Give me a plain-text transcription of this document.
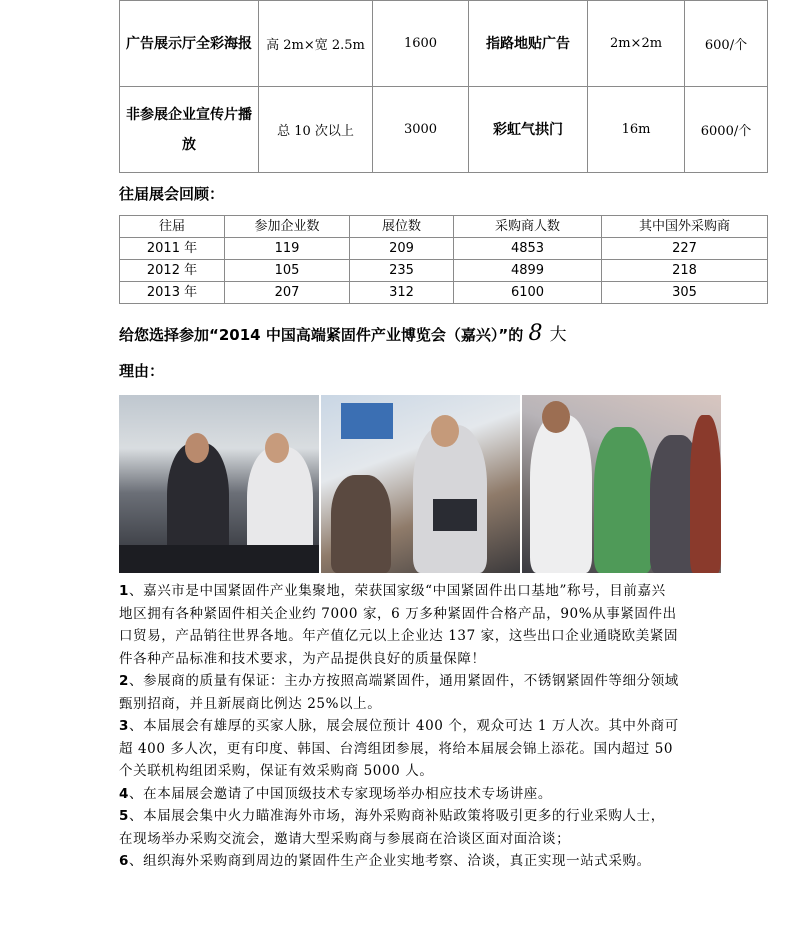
广告展示厅全彩海报	高 2m×宽 2.5m	1600	指路地贴广告	2m×2m	600/个
非参展企业宣传片播放	总 10 次以上	3000	彩虹气拱门	16m	6000/个
往届展会回顾：
往届	参加企业数	展位数	采购商人数	其中国外采购商
2011 年	119	209	4853	227
2012 年	105	235	4899	218
2013 年	207	312	6100	305
给您选择参加“2014 中国高端紧固件产业博览会（嘉兴）”的 8 大
理由：

1、嘉兴市是中国紧固件产业集聚地，荣获国家级“中国紧固件出口基地”称号，目前嘉兴地区拥有各种紧固件相关企业约 7000 家，6 万多种紧固件合格产品，90%从事紧固件出口贸易，产品销往世界各地。年产值亿元以上企业达 137 家，这些出口企业通晓欧美紧固件各种产品标准和技术要求，为产品提供良好的质量保障！

2、参展商的质量有保证：主办方按照高端紧固件，通用紧固件，不锈钢紧固件等细分领域甄别招商，并且新展商比例达 25%以上。

3、本届展会有雄厚的买家人脉，展会展位预计 400 个，观众可达 1 万人次。其中外商可超 400 多人次，更有印度、韩国、台湾组团参展，将给本届展会锦上添花。国内超过 50 个关联机构组团采购，保证有效采购商 5000 人。

4、在本届展会邀请了中国顶级技术专家现场举办相应技术专场讲座。

5、本届展会集中火力瞄准海外市场，海外采购商补贴政策将吸引更多的行业采购人士， 在现场举办采购交流会，邀请大型采购商与参展商在洽谈区面对面洽谈；

6、组织海外采购商到周边的紧固件生产企业实地考察、洽谈，真正实现一站式采购。
